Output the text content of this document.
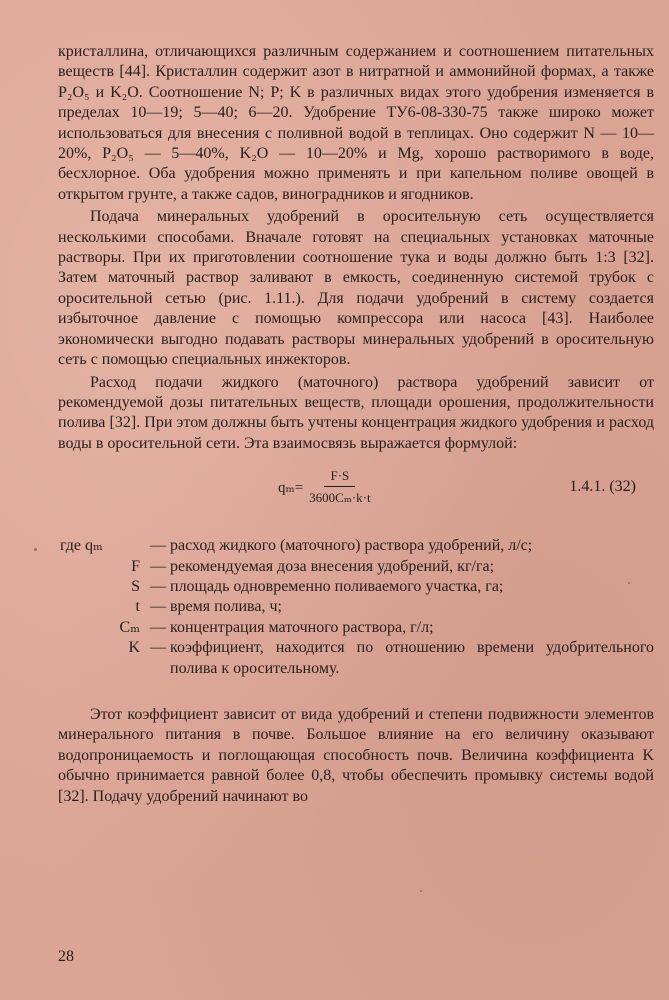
кристаллина, отличающихся различным содержанием и соотношением питательных веществ [44]. Кристаллин содержит азот в нитратной и аммонийной формах, а также P₂O₅ и K₂O. Соотношение N; P; K в различных видах этого удобрения изменяется в пределах 10—19; 5—40; 6—20. Удобрение ТУ6-08-330-75 также широко может использоваться для внесения с поливной водой в теплицах. Оно содержит N — 10—20%, P₂O₅ — 5—40%, K₂O — 10—20% и Mg, хорошо растворимого в воде, бесхлорное. Оба удобрения можно применять и при капельном поливе овощей в открытом грунте, а также садов, виноградников и ягодников.

Подача минеральных удобрений в оросительную сеть осуществляется несколькими способами. Вначале готовят на специальных установках маточные растворы. При их приготовлении соотношение тука и воды должно быть 1:3 [32]. Затем маточный раствор заливают в емкость, соединенную системой трубок с оросительной сетью (рис. 1.11.). Для подачи удобрений в систему создается избыточное давление с помощью компрессора или насоса [43]. Наиболее экономически выгодно подавать растворы минеральных удобрений в оросительную сеть с помощью специальных инжекторов.

Расход подачи жидкого (маточного) раствора удобрений зависит от рекомендуемой дозы питательных веществ, площади орошения, продолжительности полива [32]. При этом должны быть учтены концентрация жидкого удобрения и расход воды в оросительной сети. Эта взаимосвязь выражается формулой:

$q_m= \frac{F\cdot S}{\text{3600Cₘ·k·t}}$	1.4.1. (32)
где qₘ	— расход жидкого (маточного) раствора удобрений, л/с;
F — рекомендуемая доза внесения удобрений, кг/га;
S — площадь одновременно поливаемого участка, га;
t — время полива, ч;
Cₘ — концентрация маточного раствора, г/л;
K — коэффициент, находится по отношению времени удобрительного полива к оросительному.

Этот коэффициент зависит от вида удобрений и степени подвижности элементов минерального питания в почве. Большое влияние на его величину оказывают водопроницаемость и поглощающая способность почв. Величина коэффициента K обычно принимается равной более 0,8, чтобы обеспечить промывку системы водой [32]. Подачу удобрений начинают во

28
